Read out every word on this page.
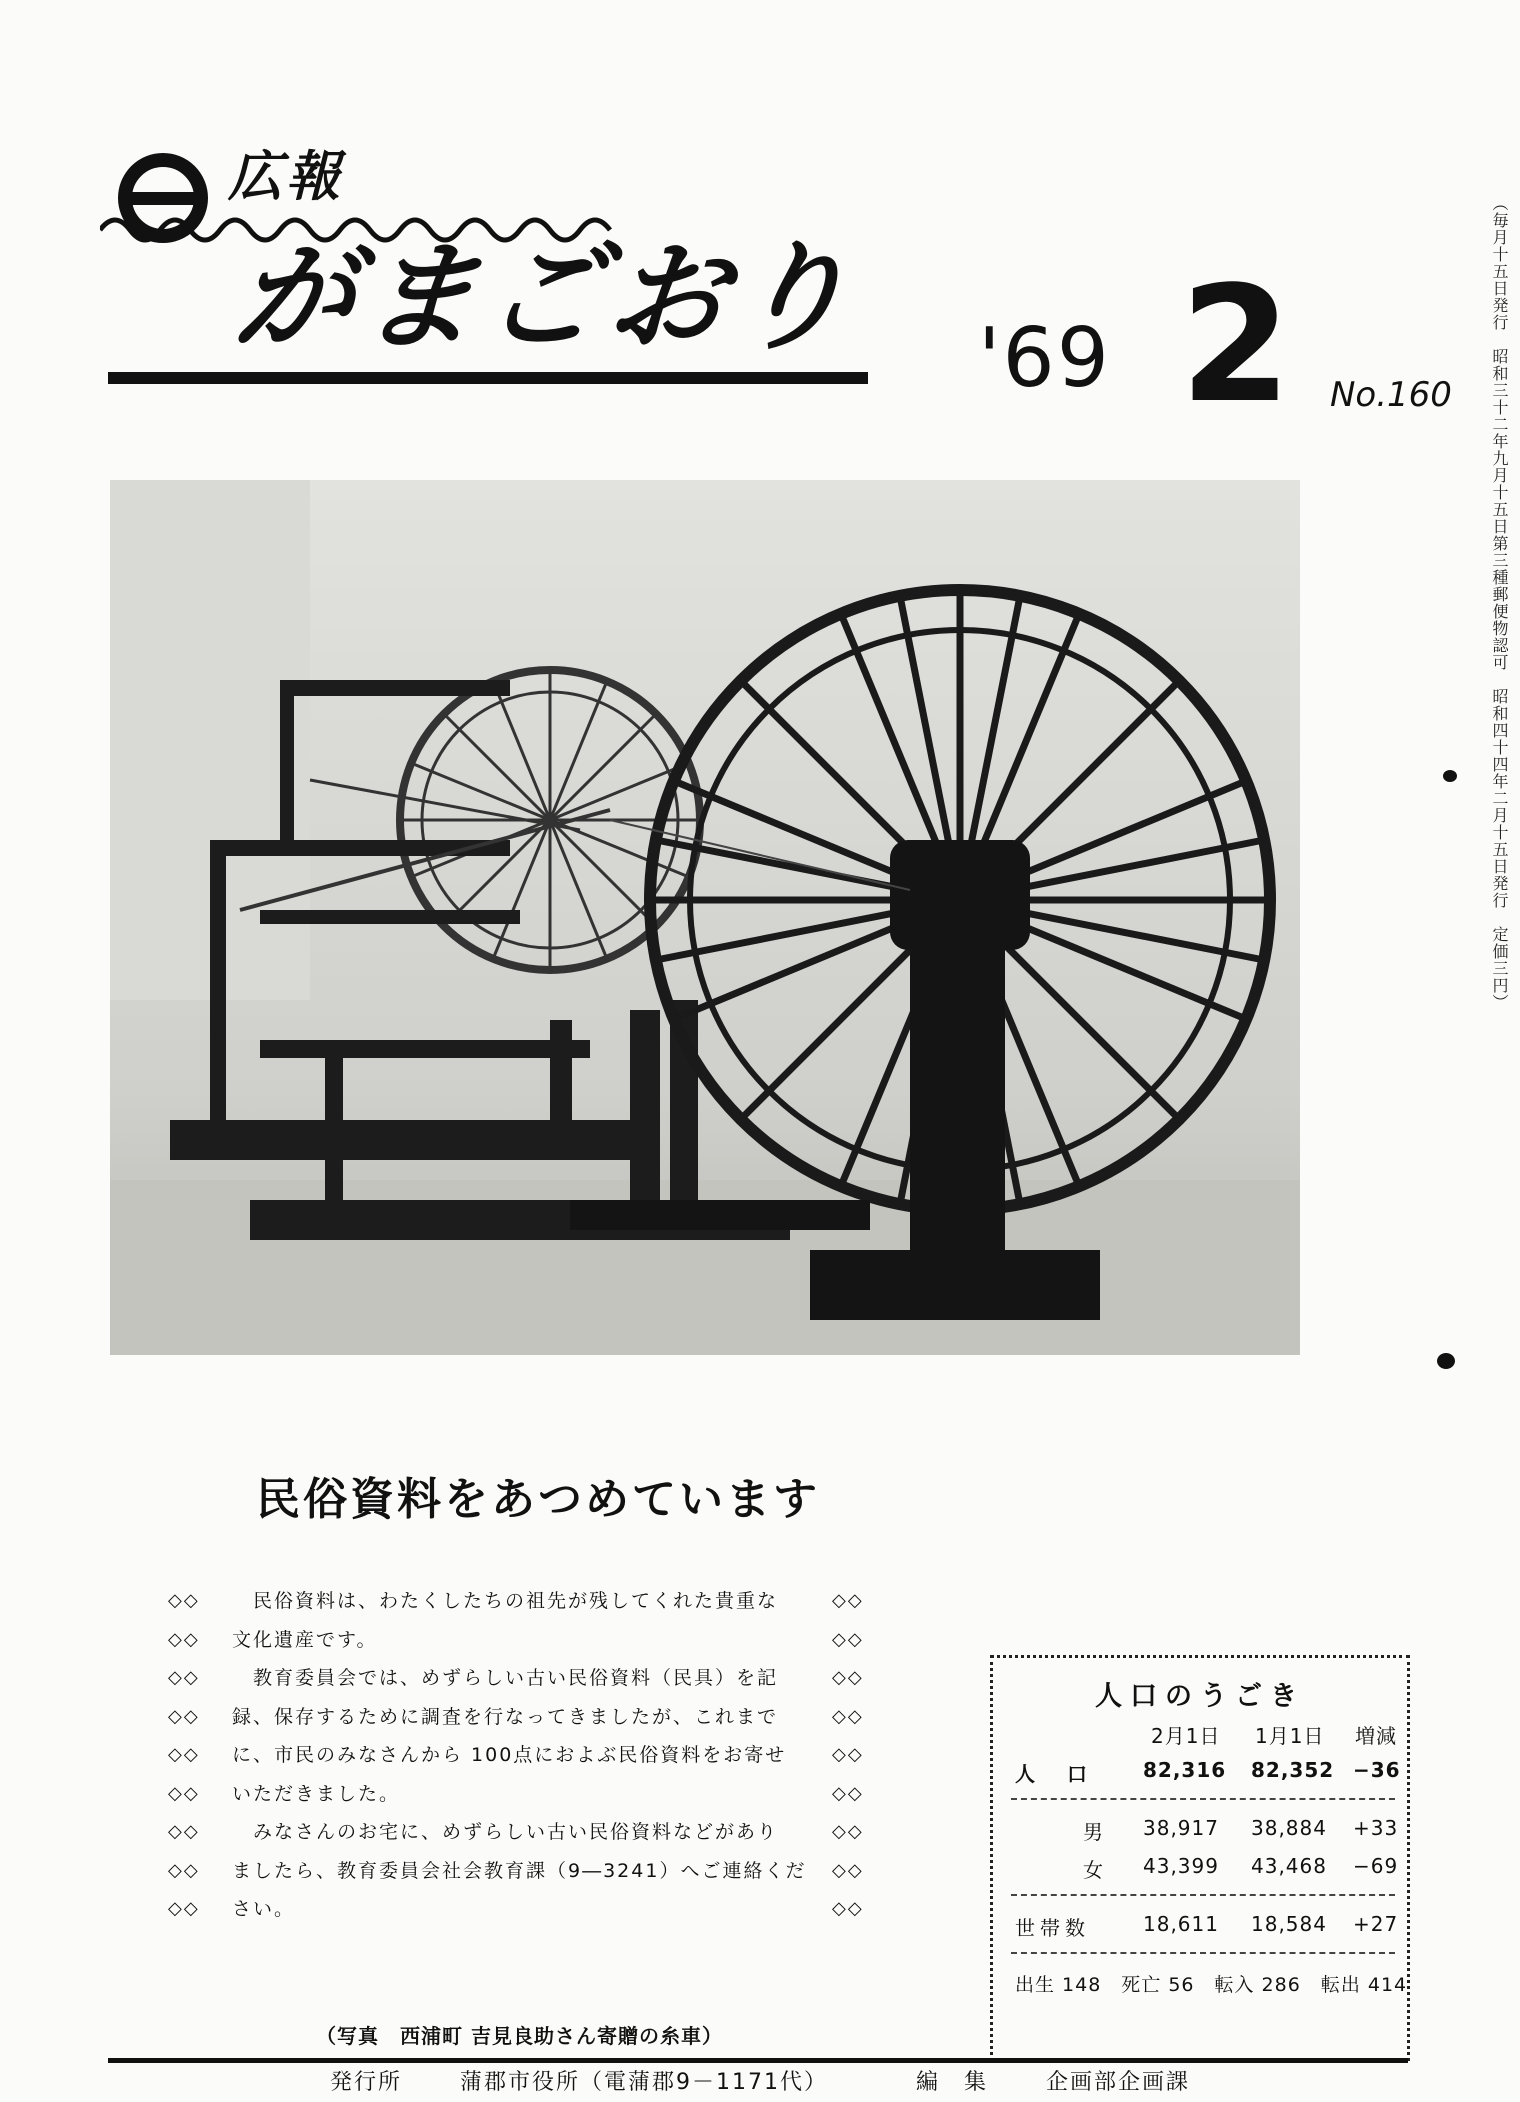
広報
がまごおり '69 2 No.160	（毎月十五日発行　昭和三十二年九月十五日第三種郵便物認可　昭和四十四年二月十五日発行　定価三円）
民俗資料をあつめています
◇◇	　民俗資料は、わたくしたちの祖先が残してくれた貴重な	◇◇
◇◇	文化遺産です。	◇◇
◇◇	　教育委員会では、めずらしい古い民俗資料（民具）を記	◇◇
◇◇	録、保存するために調査を行なってきましたが、これまで	◇◇
◇◇	に、市民のみなさんから 100点におよぶ民俗資料をお寄せ	◇◇
◇◇	いただきました。	◇◇
◇◇	　みなさんのお宅に、めずらしい古い民俗資料などがあり	◇◇
◇◇	ましたら、教育委員会社会教育課（9―3241）へご連絡くだ	◇◇
◇◇	さい。	◇◇
（写真　西浦町 吉見良助さん寄贈の糸車）
人口のうごき
2月1日 1月1日 増減
人　口	82,316 82,352 −36
男 38,917 38,884 +33
女 43,399 43,468 −69
世帯数	18,611 18,584 +27
出生 148　死亡 56　転入 286　転出 414
発行所	蒲郡市役所（電蒲郡9－1171代）	編　集	企画部企画課
